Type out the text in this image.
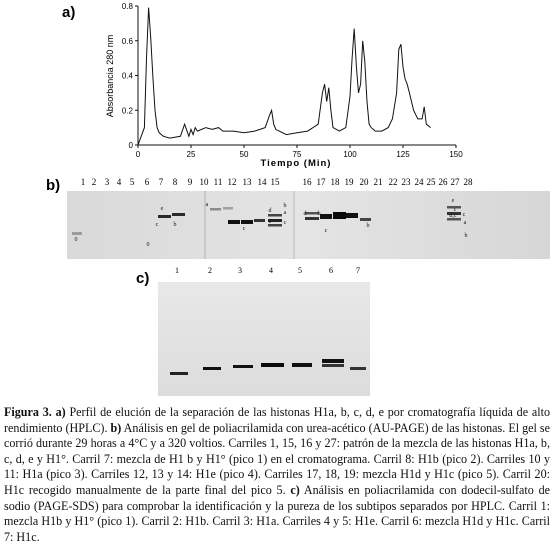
a)
0	25	50	75	100	125	150
0
0.2
0.4
0.6
0.8
Absorbancia 280 nm
Tiempo (Min)
b) 1 2 3 4 5 6 7 8 9 10 11 12 13 14 15	16 17 18 19 20 21 22 23 24 25 26 27 28
0
a
b
c
d
e
b
a
c
b
d
c
b
e
c
d,c c
a
b
c
e
0
c)	1	2	3	4	5	6	7
Figura 3. a) Perfil de elución de la separación de las histonas H1a, b, c, d, e por cromatografía líquida de alto rendimiento (HPLC). b) Análisis en gel de poliacrilamida con urea-acético (AU-PAGE) de las histonas. El gel se corrió durante 29 horas a 4°C y a 320 voltios. Carriles 1, 15, 16 y 27: patrón de la mezcla de las histonas H1a, b, c, d, e y H1°. Carril 7: mezcla de H1 b y H1° (pico 1) en el cromatograma. Carril 8: H1b (pico 2). Carriles 10 y 11: H1a (pico 3). Carriles 12, 13 y 14: H1e (pico 4). Carriles 17, 18, 19: mezcla H1d y H1c (pico 5). Carril 20: H1c recogido manualmente de la parte final del pico 5. c) Análisis en poliacrilamida con dodecil-sulfato de sodio (PAGE-SDS) para comprobar la identificación y la pureza de los subtipos separados por HPLC. Carril 1: mezcla H1b y H1° (pico 1). Carril 2: H1b. Carril 3: H1a. Carriles 4 y 5: H1e. Carril 6: mezcla H1d y H1c. Carril 7: H1c.
